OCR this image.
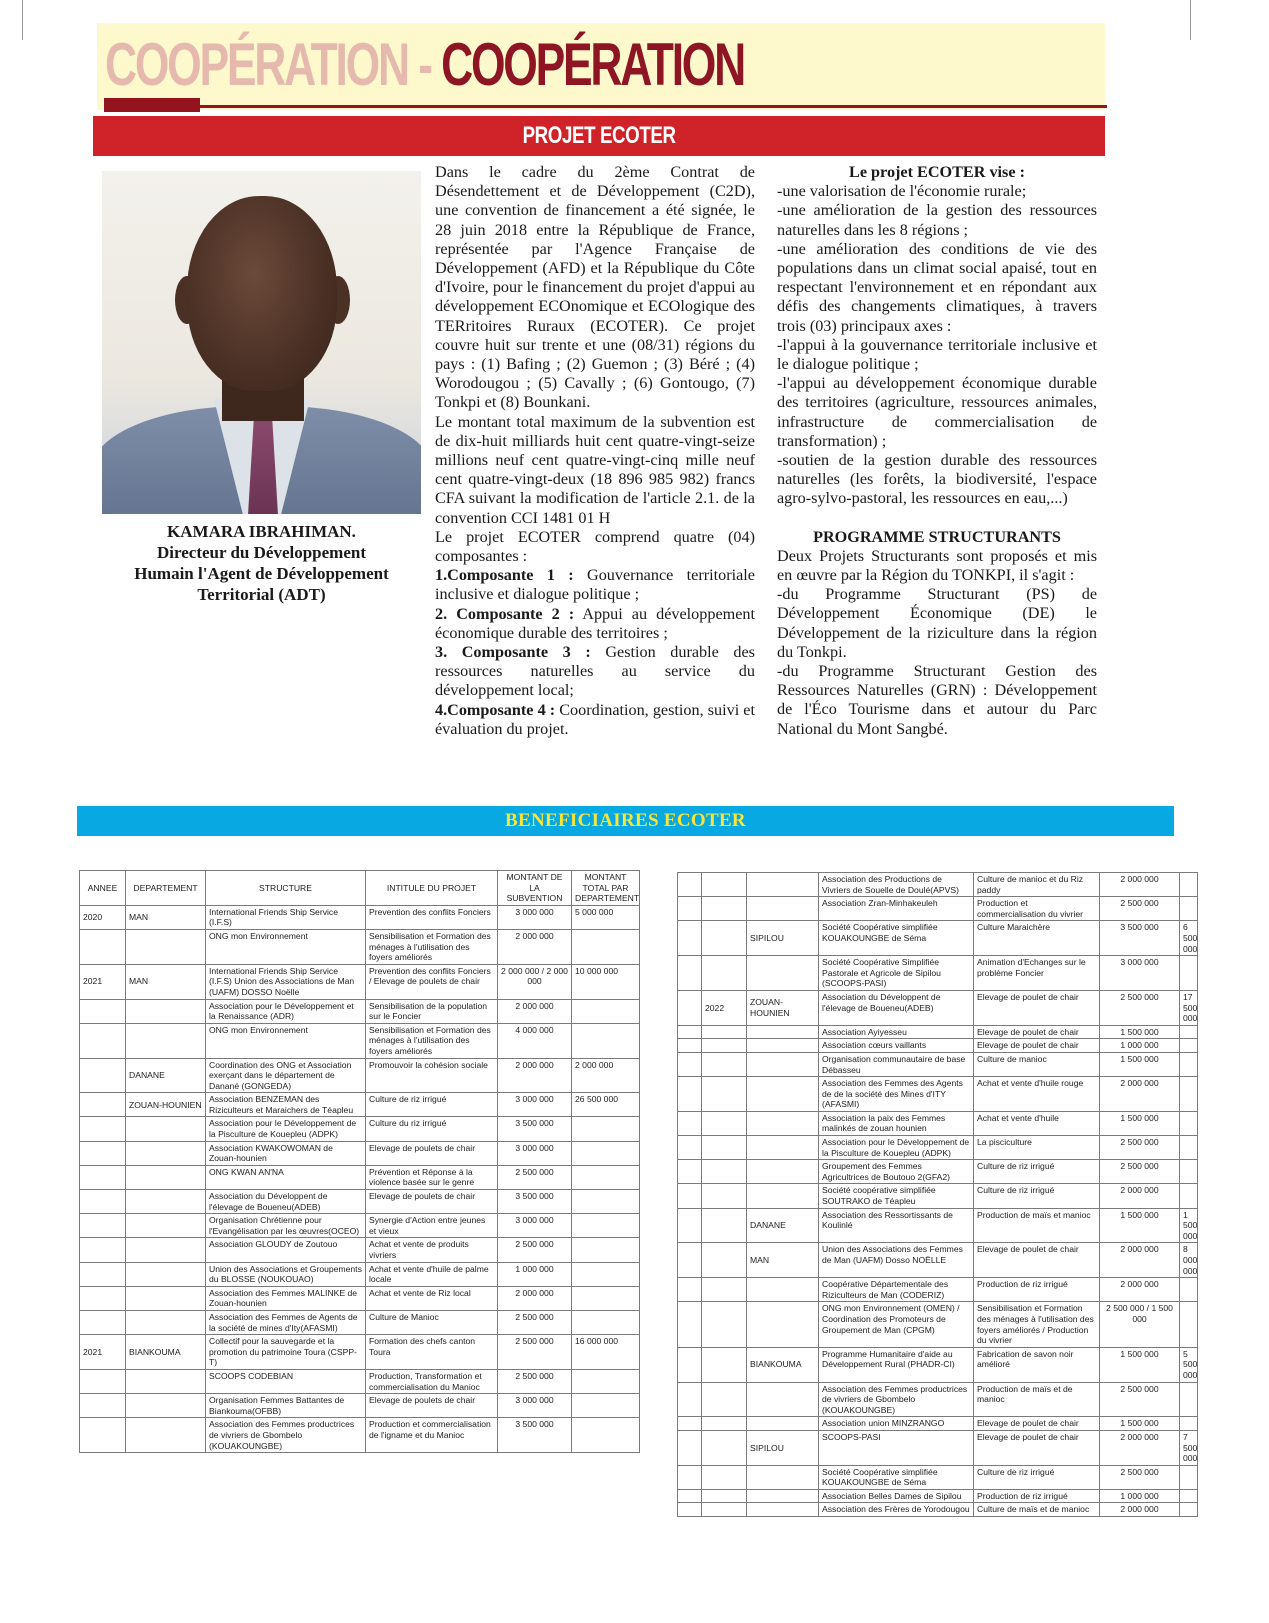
COOPÉRATION - COOPÉRATION
PROJET ECOTER
KAMARA IBRAHIMAN.
Directeur du Développement
Humain l'Agent de Développement
Territorial (ADT)

Dans le cadre du 2ème Contrat de Désendettement et de Développement (C2D), une convention de financement a été signée, le 28 juin 2018 entre la République de France, représentée par l'Agence Française de Développement (AFD) et la République du Côte d'Ivoire, pour le financement du projet d'appui au développement ECOnomique et ECOlogique des TERritoires Ruraux (ECOTER). Ce projet couvre huit sur trente et une (08/31) régions du pays : (1) Bafing ; (2) Guemon ; (3) Béré ; (4) Worodougou ; (5) Cavally ; (6) Gontougo, (7) Tonkpi et (8) Bounkani.

Le montant total maximum de la subvention est de dix-huit milliards huit cent quatre-vingt-seize millions neuf cent quatre-vingt-cinq mille neuf cent quatre-vingt-deux (18 896 985 982) francs CFA suivant la modification de l'article 2.1. de la convention CCI 1481 01 H

Le projet ECOTER comprend quatre (04) composantes :

1.Composante 1 : Gouvernance territoriale inclusive et dialogue politique ;

2. Composante 2 : Appui au développement économique durable des territoires ;

3. Composante 3 : Gestion durable des ressources naturelles au service du développement local;

4.Composante 4 : Coordination, gestion, suivi et évaluation du projet.

Le projet ECOTER vise :

-une valorisation de l'économie rurale;

-une amélioration de la gestion des ressources naturelles dans les 8 régions ;

-une amélioration des conditions de vie des populations dans un climat social apaisé, tout en respectant l'environnement et en répondant aux défis des changements climatiques, à travers trois (03) principaux axes :

-l'appui à la gouvernance territoriale inclusive et le dialogue politique ;

-l'appui au développement économique durable des territoires (agriculture, ressources animales, infrastructure de commercialisation de transformation) ;

-soutien de la gestion durable des ressources naturelles (les forêts, la biodiversité, l'espace agro-sylvo-pastoral, les ressources en eau,...)

PROGRAMME STRUCTURANTS

Deux Projets Structurants sont proposés et mis en œuvre par la Région du TONKPI, il s'agit :

-du Programme Structurant (PS) de Développement Économique (DE) le Développement de la riziculture dans la région du Tonkpi.

-du Programme Structurant Gestion des Ressources Naturelles (GRN) : Développement de l'Éco Tourisme dans et autour du Parc National du Mont Sangbé.

BENEFICIAIRES ECOTER
ANNEE	DEPARTEMENT	STRUCTURE	INTITULE DU PROJET	MONTANT DE LA SUBVENTION	MONTANT TOTAL PAR DEPARTEMENT
2020	MAN	International Friends Ship Service (I.F.S)	Prevention des conflits Fonciers	3 000 000	5 000 000
		ONG mon Environnement	Sensibilisation et Formation des ménages à l'utilisation des foyers améliorés	2 000 000	
2021	MAN	International Friends Ship Service (I.F.S) Union des Associations de Man (UAFM) DOSSO Noëlle	Prevention des conflits Fonciers / Elevage de poulets de chair	2 000 000 / 2 000 000	10 000 000
		Association pour le Développement et la Renaissance (ADR)	Sensibilisation de la population sur le Foncier	2 000 000	
		ONG mon Environnement	Sensibilisation et Formation des ménages à l'utilisation des foyers améliorés	4 000 000	
	DANANE	Coordination des ONG et Association exerçant dans le département de Danané (GONGEDA)	Promouvoir la cohésion sociale	2 000 000	2 000 000
	ZOUAN-HOUNIEN	Association BENZEMAN des Riziculteurs et Maraichers de Téapleu	Culture de riz irrigué	3 000 000	26 500 000
		Association pour le Développement de la Pisculture de Kouepleu (ADPK)	Culture du riz irrigué	3 500 000	
		Association KWAKOWOMAN de Zouan-hounien	Elevage de poulets de chair	3 000 000	
		ONG KWAN AN'NA	Prévention et Réponse à la violence basée sur le genre	2 500 000	
		Association du Développent de l'élevage de Boueneu(ADEB)	Elevage de poulets de chair	3 500 000	
		Organisation Chrétienne pour l'Evangélisation par les œuvres(OCEO)	Synergie d'Action entre jeunes et vieux	3 000 000	
		Association GLOUDY de Zoutouo	Achat et vente de produits vivriers	2 500 000	
		Union des Associations et Groupements du BLOSSE (NOUKOUAO)	Achat et vente d'huile de palme locale	1 000 000	
		Association des Femmes MALINKE de Zouan-hounien	Achat et vente de Riz local	2 000 000	
		Association des Femmes de Agents de la société de mines d'Ity(AFASMI)	Culture de Manioc	2 500 000	
2021	BIANKOUMA	Collectif pour la sauvegarde et la promotion du patrimoine Toura (CSPP-T)	Formation des chefs canton Toura	2 500 000	16 000 000
		SCOOPS CODEBIAN	Production, Transformation et commercialisation du Manioc	2 500 000	
		Organisation Femmes Battantes de Biankouma(OFBB)	Elevage de poulets de chair	3 000 000	
		Association des Femmes productrices de vivriers de Gbombelo (KOUAKOUNGBE)	Production et commercialisation de l'igname et du Manioc	3 500 000	
			Association des Productions de Vivriers de Souelle de Doulé(APVS)	Culture de manioc et du Riz paddy	2 000 000	
			Association Zran-Minhakeuleh	Production et commercialisation du vivrier	2 500 000	
		SIPILOU	Société Coopérative simplifiée KOUAKOUNGBE de Séma	Culture Maraichère	3 500 000	6 500 000
			Société Coopérative Simplifiée Pastorale et Agricole de Sipilou (SCOOPS-PASI)	Animation d'Echanges sur le problème Foncier	3 000 000	
	2022	ZOUAN-HOUNIEN	Association du Développent de l'élevage de Boueneu(ADEB)	Elevage de poulet de chair	2 500 000	17 500 000
			Association Ayiyesseu	Elevage de poulet de chair	1 500 000	
			Association cœurs vaillants	Elevage de poulet de chair	1 000 000	
			Organisation communautaire de base Débasseu	Culture de manioc	1 500 000	
			Association des Femmes des Agents de de la société des Mines d'ITY (AFASMI)	Achat et vente d'huile rouge	2 000 000	
			Association la paix des Femmes malinkés de zouan hounien	Achat et vente d'huile	1 500 000	
			Association pour le Développement de la Pisculture de Kouepleu (ADPK)	La pisciculture	2 500 000	
			Groupement des Femmes Agricultrices de Boutouo 2(GFA2)	Culture de riz irrigué	2 500 000	
			Société coopérative simplifiée SOUTRAKO de Téapleu	Culture de riz irrigué	2 000 000	
		DANANE	Association des Ressortissants de Koulinlé	Production de maïs et manioc	1 500 000	1 500 000
		MAN	Union des Associations des Femmes de Man (UAFM) Dosso NOËLLE	Elevage de poulet de chair	2 000 000	8 000 000
			Coopérative Départementale des Riziculteurs de Man (CODERIZ)	Production de riz irrigué	2 000 000	
			ONG mon Environnement (OMEN) / Coordination des Promoteurs de Groupement de Man (CPGM)	Sensibilisation et Formation des ménages à l'utilisation des foyers améliorés / Production du vivrier	2 500 000 / 1 500 000	
		BIANKOUMA	Programme Humanitaire d'aide au Développement Rural (PHADR-CI)	Fabrication de savon noir amélioré	1 500 000	5 500 000
			Association des Femmes productrices de vivriers de Gbombelo (KOUAKOUNGBE)	Production de maïs et de manioc	2 500 000	
			Association union MINZRANGO	Elevage de poulet de chair	1 500 000	
		SIPILOU	SCOOPS-PASI	Elevage de poulet de chair	2 000 000	7 500 000
			Société Coopérative simplifiée KOUAKOUNGBE de Séma	Culture de riz irrigué	2 500 000	
			Association Belles Dames de Sipilou	Production de riz irrigué	1 000 000	
			Association des Frères de Yorodougou	Culture de maïs et de manioc	2 000 000	
